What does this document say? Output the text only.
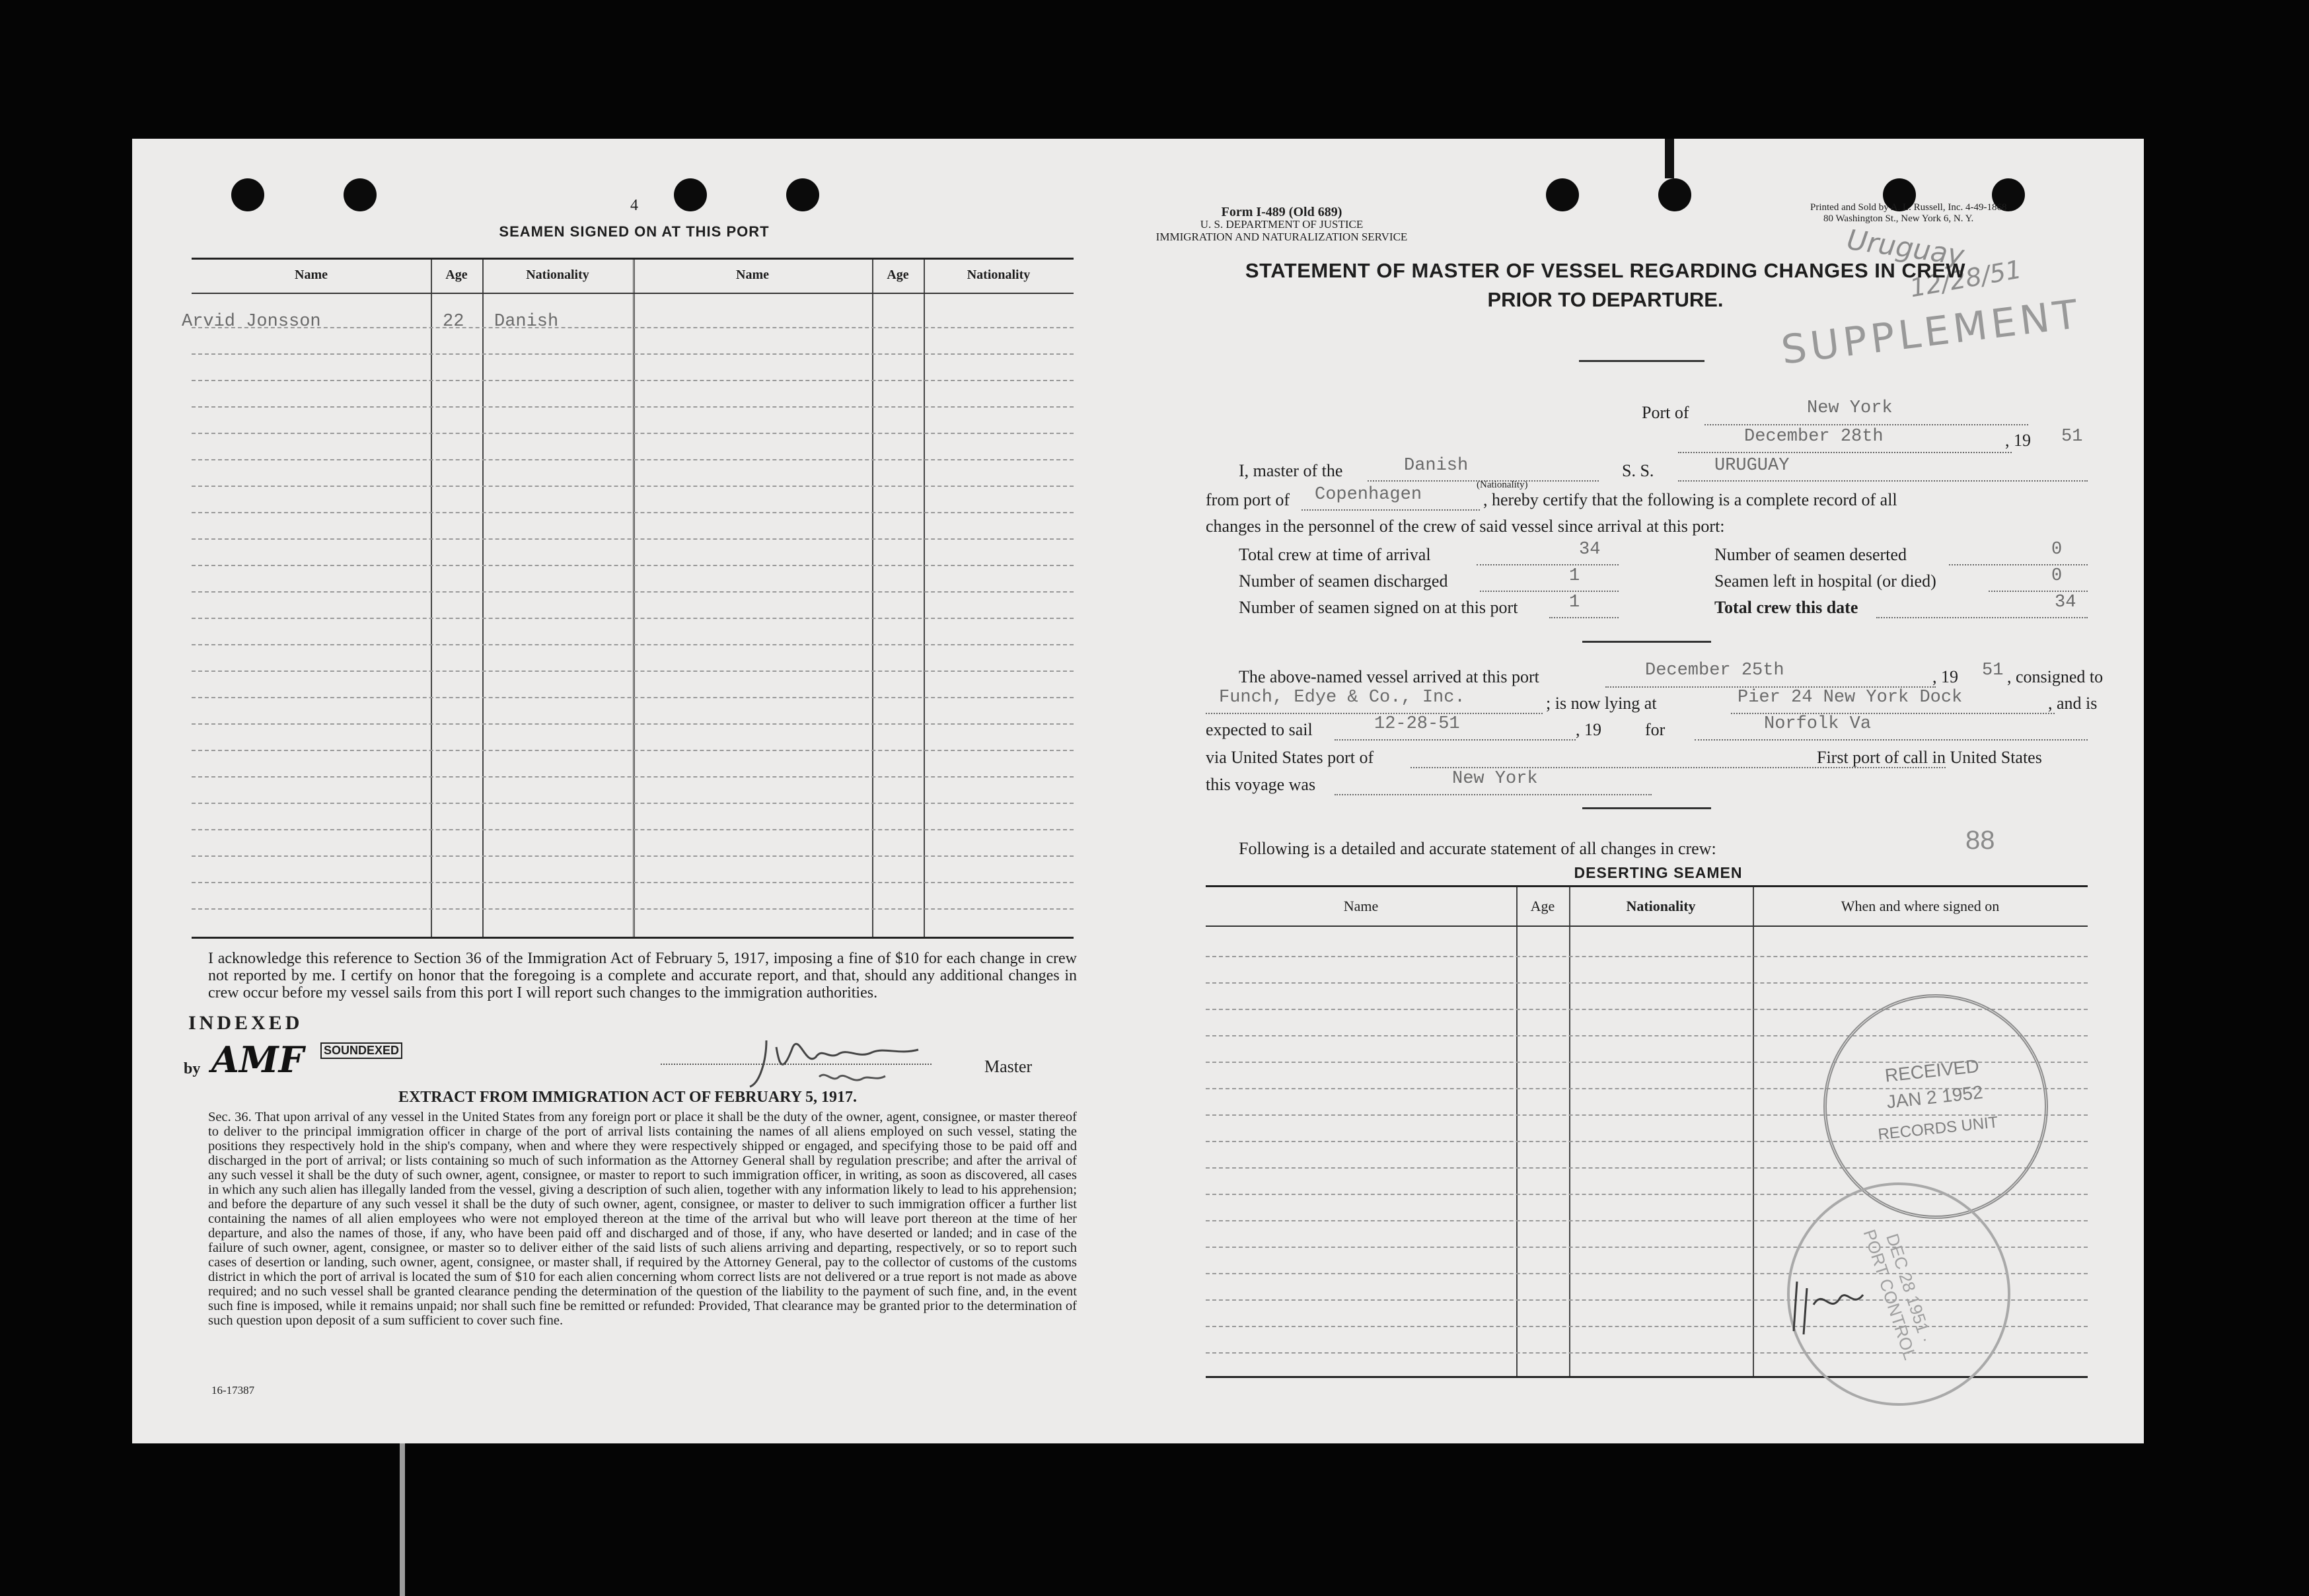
4
SEAMEN SIGNED ON AT THIS PORT
Name	Age	Nationality	Name	Age	Nationality
Arvid Jonsson	22 Danish
I acknowledge this reference to Section 36 of the Immigration Act of February 5, 1917, imposing a fine of $10 for each change in crew not reported by me. I certify on honor that the foregoing is a complete and accurate report, and that, should any additional changes in crew occur before my vessel sails from this port I will report such changes to the immigration authorities.
INDEXED
by AMF SOUNDEXED
Master
EXTRACT FROM IMMIGRATION ACT OF FEBRUARY 5, 1917.
Sec. 36. That upon arrival of any vessel in the United States from any foreign port or place it shall be the duty of the owner, agent, consignee, or master thereof to deliver to the principal immigration officer in charge of the port of arrival lists containing the names of all aliens employed on such vessel, stating the positions they respectively hold in the ship's company, when and where they were respectively shipped or engaged, and specifying those to be paid off and discharged in the port of arrival; or lists containing so much of such information as the Attorney General shall by regulation prescribe; and after the arrival of any such vessel it shall be the duty of such owner, agent, consignee, or master to report to such immigration officer, in writing, as soon as discovered, all cases in which any such alien has illegally landed from the vessel, giving a description of such alien, together with any information likely to lead to his apprehension; and before the departure of any such vessel it shall be the duty of such owner, agent, consignee, or master to deliver to such immigration officer a further list containing the names of all alien employees who were not employed thereon at the time of the arrival but who will leave port thereon at the time of her departure, and also the names of those, if any, who have been paid off and discharged and of those, if any, who have deserted or landed; and in case of the failure of such owner, agent, consignee, or master so to deliver either of the said lists of such aliens arriving and departing, respectively, or so to report such cases of desertion or landing, such owner, agent, consignee, or master shall, if required by the Attorney General, pay to the collector of customs of the customs district in which the port of arrival is located the sum of $10 for each alien concerning whom correct lists are not delivered or a true report is not made as above required; and no such vessel shall be granted clearance pending the determination of the question of the liability to the payment of such fine, and, in the event such fine is imposed, while it remains unpaid; nor shall such fine be remitted or refunded: Provided, That clearance may be granted prior to the determination of such question upon deposit of a sum sufficient to cover such fine.
16-17387
Form I-489 (Old 689)
U. S. DEPARTMENT OF JUSTICE
IMMIGRATION AND NATURALIZATION SERVICE
Printed and Sold by A. L. Russell, Inc. 4-49-1868
80 Washington St., New York 6, N. Y.
Uruguay
12/28/51
SUPPLEMENT
STATEMENT OF MASTER OF VESSEL REGARDING CHANGES IN CREW
PRIOR TO DEPARTURE.
Port of	New York
December 28th	, 19 51
I, master of the	Danish
(Nationality)
S. S.	URUGUAY
from port of Copenhagen	, hereby certify that the following is a complete record of all
changes in the personnel of the crew of said vessel since arrival at this port:
Total crew at time of arrival	34	Number of seamen deserted	0
Number of seamen discharged	1	Seamen left in hospital (or died)	0
Number of seamen signed on at this port	1	Total crew this date	34
The above-named vessel arrived at this port	December 25th	, 19 51 , consigned to
Funch, Edye & Co., Inc.	; is now lying at	Pier 24 New York Dock	, and is
expected to sail	12-28-51	, 19	for	Norfolk Va
via United States port of	First port of call in United States
this voyage was	New York
Following is a detailed and accurate statement of all changes in crew:	88
DESERTING SEAMEN
Name	Age	Nationality	When and where signed on
RECEIVED
JAN 2 1952
RECORDS UNIT
DEC 28 1951 · PORT CONTROL
